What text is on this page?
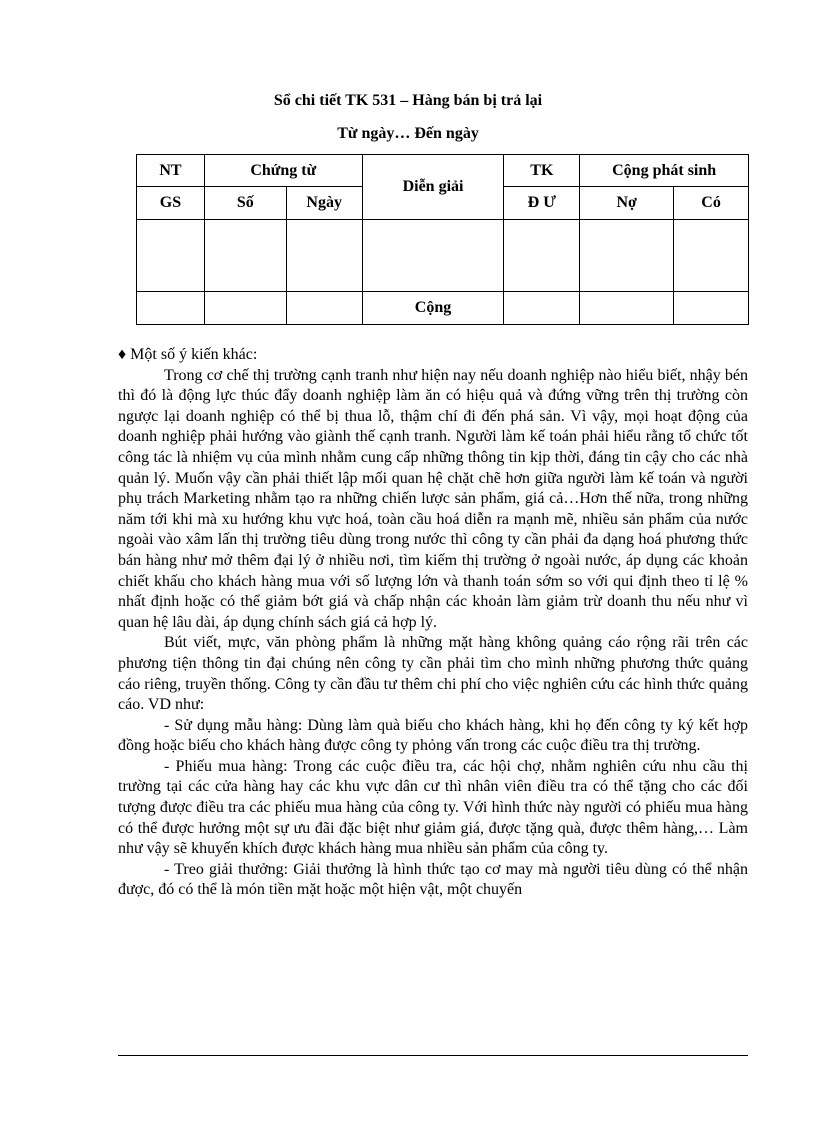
Sổ chi tiết TK 531 – Hàng bán bị trả lại
Từ ngày… Đến ngày
NT	Chứng từ		Diễn giải	TK	Cộng phát sinh	
GS	Số	Ngày		Đ Ư	Nợ	Có

			Cộng			

♦ Một số ý kiến khác:

Trong cơ chế thị trường cạnh tranh như hiện nay nếu doanh nghiệp nào hiểu biết, nhậy bén thì đó là động lực thúc đẩy doanh nghiệp làm ăn có hiệu quả và đứng vững trên thị trường còn ngược lại doanh nghiệp có thể bị thua lỗ, thậm chí đi đến phá sản. Vì vậy, mọi hoạt động của doanh nghiệp phải hướng vào giành thế cạnh tranh. Người làm kế toán phải hiểu rằng tổ chức tốt công tác là nhiệm vụ của mình nhằm cung cấp những thông tin kịp thời, đáng tin cậy cho các nhà quản lý. Muốn vậy cần phải thiết lập mối quan hệ chặt chẽ hơn giữa người làm kế toán và người phụ trách Marketing nhằm tạo ra những chiến lược sản phẩm, giá cả…Hơn thế nữa, trong những năm tới khi mà xu hướng khu vực hoá, toàn cầu hoá diễn ra mạnh mẽ, nhiều sản phẩm của nước ngoài vào xâm lấn thị trường tiêu dùng trong nước thì công ty cần phải đa dạng hoá phương thức bán hàng như mở thêm đại lý ở nhiều nơi, tìm kiếm thị trường ở ngoài nước, áp dụng các khoản chiết khấu cho khách hàng mua với số lượng lớn và thanh toán sớm so với qui định theo tỉ lệ % nhất định hoặc có thể giảm bớt giá và chấp nhận các khoản làm giảm trừ doanh thu nếu như vì quan hệ lâu dài, áp dụng chính sách giá cả hợp lý.

Bút viết, mực, văn phòng phẩm là những mặt hàng không quảng cáo rộng rãi trên các phương tiện thông tin đại chúng nên công ty cần phải tìm cho mình những phương thức quảng cáo riêng, truyền thống. Công ty cần đầu tư thêm chi phí cho việc nghiên cứu các hình thức quảng cáo. VD như:

- Sử dụng mẫu hàng: Dùng làm quà biếu cho khách hàng, khi họ đến công ty ký kết hợp đồng hoặc biếu cho khách hàng được công ty phỏng vấn trong các cuộc điều tra thị trường.

- Phiếu mua hàng: Trong các cuộc điều tra, các hội chợ, nhằm nghiên cứu nhu cầu thị trường tại các cửa hàng hay các khu vực dân cư thì nhân viên điều tra có thể tặng cho các đối tượng được điều tra các phiếu mua hàng của công ty. Với hình thức này người có phiếu mua hàng có thể được hưởng một sự ưu đãi đặc biệt như giảm giá, được tặng quà, được thêm hàng,… Làm như vậy sẽ khuyến khích được khách hàng mua nhiều sản phẩm của công ty.

- Treo giải thưởng: Giải thưởng là hình thức tạo cơ may mà người tiêu dùng có thể nhận được, đó có thể là món tiền mặt hoặc một hiện vật, một chuyến
